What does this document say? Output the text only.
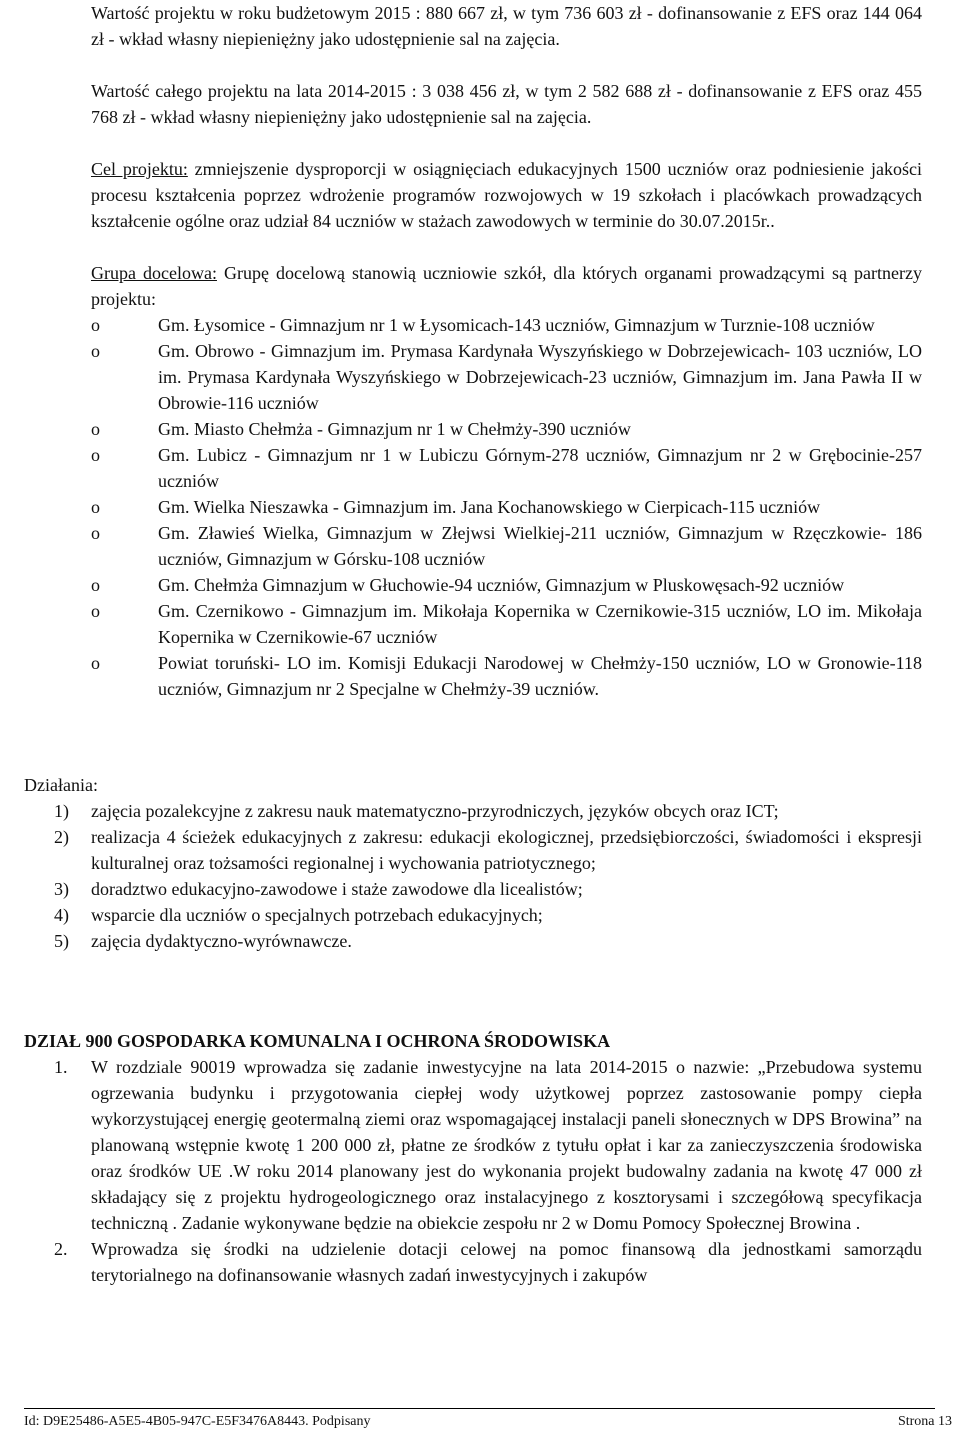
Wartość projektu w roku budżetowym 2015 : 880 667 zł, w tym 736 603 zł - dofinansowanie z EFS oraz 144 064 zł - wkład własny niepieniężny jako udostępnienie sal na zajęcia.

Wartość całego projektu na lata 2014-2015 : 3 038 456 zł, w tym 2 582 688 zł - dofinansowanie z EFS oraz 455 768 zł - wkład własny niepieniężny jako udostępnienie sal na zajęcia.

Cel projektu: zmniejszenie dysproporcji w osiągnięciach edukacyjnych 1500 uczniów oraz podniesienie jakości procesu kształcenia poprzez wdrożenie programów rozwojowych w 19 szkołach i placówkach prowadzących kształcenie ogólne oraz udział 84 uczniów w stażach zawodowych w terminie do 30.07.2015r..

Grupa docelowa: Grupę docelową stanowią uczniowie szkół, dla których organami prowadzącymi są partnerzy projektu:

o	Gm. Łysomice - Gimnazjum nr 1 w Łysomicach-143 uczniów, Gimnazjum w Turznie-108 uczniów
o	Gm. Obrowo - Gimnazjum im. Prymasa Kardynała Wyszyńskiego w Dobrzejewicach- 103 uczniów, LO im. Prymasa Kardynała Wyszyńskiego w Dobrzejewicach-23 uczniów, Gimnazjum im. Jana Pawła II w Obrowie-116 uczniów
o	Gm. Miasto Chełmża - Gimnazjum nr 1 w Chełmży-390 uczniów
o	Gm. Lubicz - Gimnazjum nr 1 w Lubiczu Górnym-278 uczniów, Gimnazjum nr 2 w Grębocinie-257 uczniów
o	Gm. Wielka Nieszawka - Gimnazjum im. Jana Kochanowskiego w Cierpicach-115 uczniów
o	Gm. Zławieś Wielka, Gimnazjum w Złejwsi Wielkiej-211 uczniów, Gimnazjum w Rzęczkowie- 186 uczniów, Gimnazjum w Górsku-108 uczniów
o	Gm. Chełmża Gimnazjum w Głuchowie-94 uczniów, Gimnazjum w Pluskowęsach-92 uczniów
o	Gm. Czernikowo - Gimnazjum im. Mikołaja Kopernika w Czernikowie-315 uczniów, LO im. Mikołaja Kopernika w Czernikowie-67 uczniów
o	Powiat toruński- LO im. Komisji Edukacji Narodowej w Chełmży-150 uczniów, LO w Gronowie-118 uczniów, Gimnazjum nr 2 Specjalne w Chełmży-39 uczniów.

Działania:

1) zajęcia pozalekcyjne z zakresu nauk matematyczno-przyrodniczych, języków obcych oraz ICT;
2) realizacja 4 ścieżek edukacyjnych z zakresu: edukacji ekologicznej, przedsiębiorczości, świadomości i ekspresji kulturalnej oraz tożsamości regionalnej i wychowania patriotycznego;
3) doradztwo edukacyjno-zawodowe i staże zawodowe dla licealistów;
4) wsparcie dla uczniów o specjalnych potrzebach edukacyjnych;
5) zajęcia dydaktyczno-wyrównawcze.

DZIAŁ 900 GOSPODARKA KOMUNALNA I OCHRONA ŚRODOWISKA

1. W rozdziale 90019 wprowadza się zadanie inwestycyjne na lata 2014-2015 o nazwie: „Przebudowa systemu ogrzewania budynku i przygotowania ciepłej wody użytkowej poprzez zastosowanie pompy ciepła wykorzystującej energię geotermalną ziemi oraz wspomagającej instalacji paneli słonecznych w DPS Browina” na planowaną wstępnie kwotę 1 200 000 zł, płatne ze środków z tytułu opłat i kar za zanieczyszczenia środowiska oraz środków UE .W roku 2014 planowany jest do wykonania projekt budowalny zadania na kwotę 47 000 zł składający się z projektu hydrogeologicznego oraz instalacyjnego z kosztorysami i szczegółową specyfikacja techniczną . Zadanie wykonywane będzie na obiekcie zespołu nr 2 w Domu Pomocy Społecznej Browina .
2. Wprowadza się środki na udzielenie dotacji celowej na pomoc finansową dla jednostkami samorządu terytorialnego na dofinansowanie własnych zadań inwestycyjnych i zakupów

Id: D9E25486-A5E5-4B05-947C-E5F3476A8443. Podpisany	Strona 13
